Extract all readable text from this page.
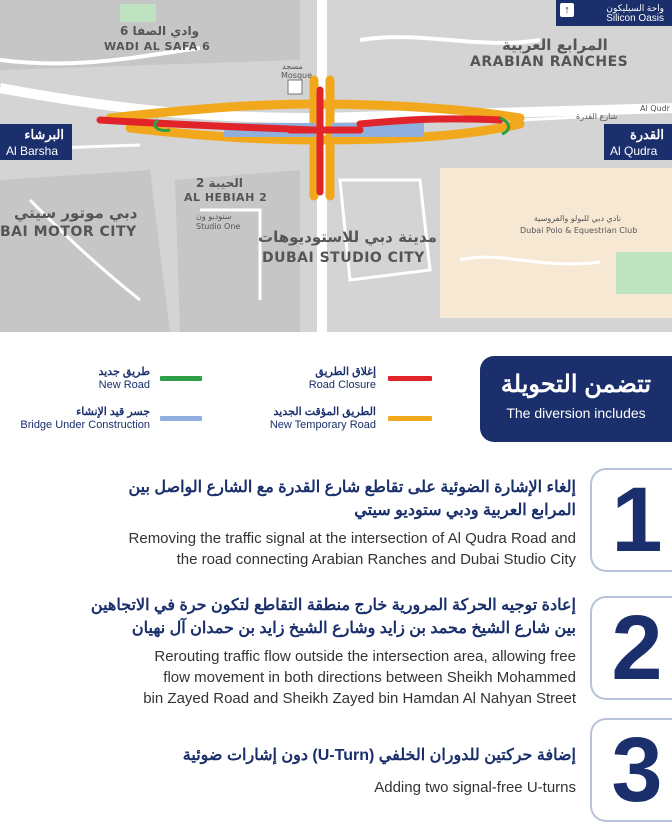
وادي الصفا 6
WADI AL SAFA 6	المرابع العربية
ARABIAN RANCHES
مسجد
Mosque
الحيبة 2
AL HEBIAH 2
ستوديو ون
Studio One
دبي موتور سيتي
BAI MOTOR CITY	مدينة دبي للاستوديوهات
DUBAI STUDIO CITY
نادي دبي للبولو والفروسية
Dubai Polo & Equestrian Club
شارع القدرة
Al Qudr
واحة السيليكون
Silicon Oasis
↑
البرشاء
Al Barsha
القدرة
Al Qudra
طريق جديد
New Road
إغلاق الطريق
Road Closure
جسر قيد الإنشاء
Bridge Under Construction
الطريق المؤقت الجديد
New Temporary Road
تتضمن التحويلة
The diversion includes
إلغاء الإشارة الضوئية على تقاطع شارع القدرة مع الشارع الواصل بين
المرابع العربية ودبي ستوديو سيتي
Removing the traffic signal at the intersection of Al Qudra Road and
the road connecting Arabian Ranches and Dubai Studio City 1
إعادة توجيه الحركة المرورية خارج منطقة التقاطع لتكون حرة في الاتجاهين
بين شارع الشيخ محمد بن زايد وشارع الشيخ زايد بن حمدان آل نهيان
Rerouting traffic flow outside the intersection area, allowing free
flow movement in both directions between Sheikh Mohammed
bin Zayed Road and Sheikh Zayed bin Hamdan Al Nahyan Street 2
إضافة حركتين للدوران الخلفي (U-Turn) دون إشارات ضوئية
Adding two signal-free U-turns 3
